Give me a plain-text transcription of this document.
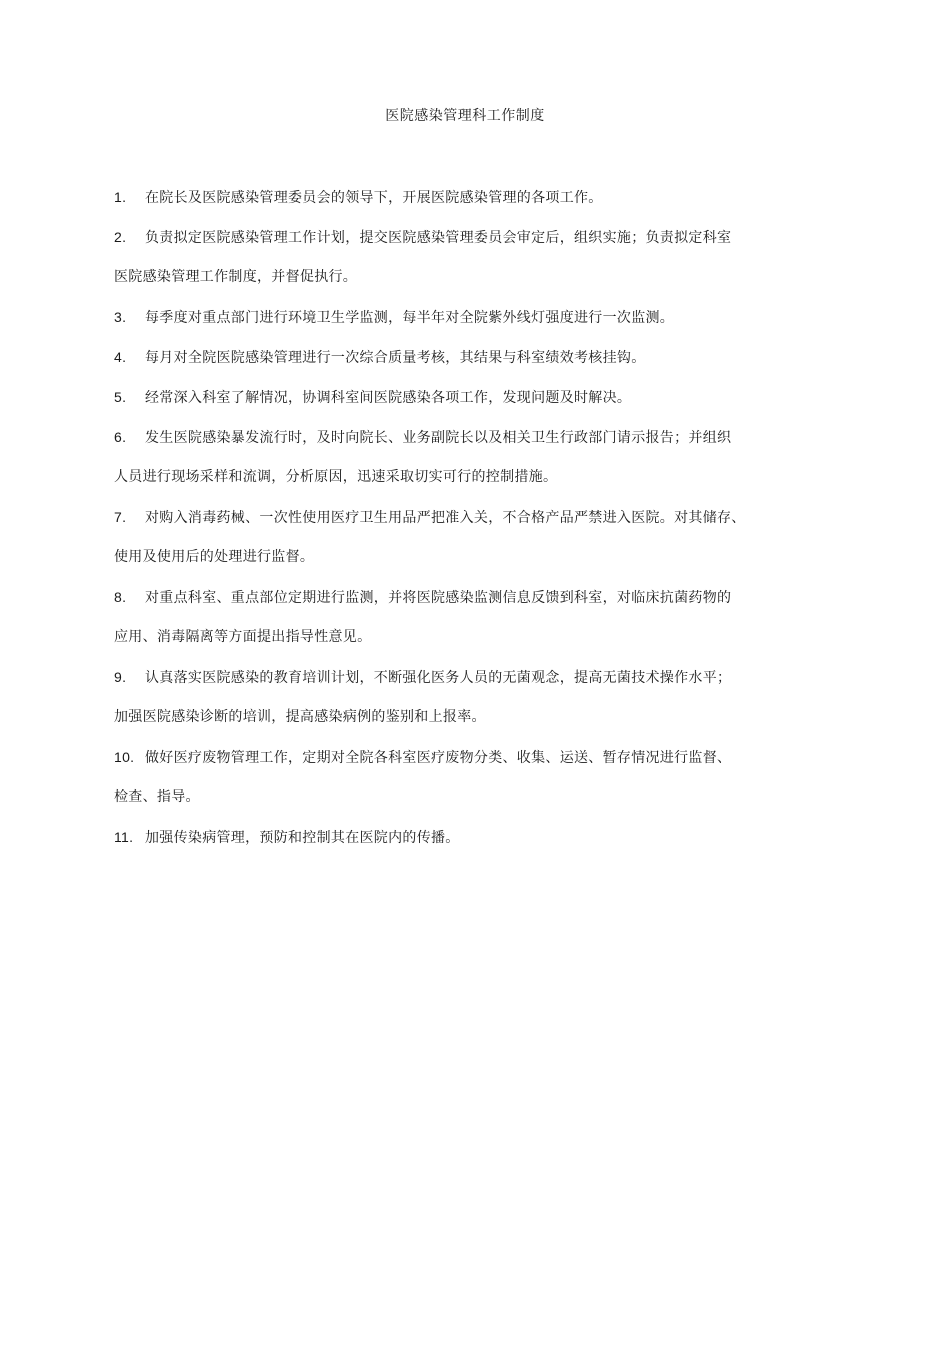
医院感染管理科工作制度
1. 在院长及医院感染管理委员会的领导下，开展医院感染管理的各项工作。
2. 负责拟定医院感染管理工作计划，提交医院感染管理委员会审定后，组织实施；负责拟定科室
医院感染管理工作制度，并督促执行。
3. 每季度对重点部门进行环境卫生学监测，每半年对全院紫外线灯强度进行一次监测。
4. 每月对全院医院感染管理进行一次综合质量考核，其结果与科室绩效考核挂钩。
5. 经常深入科室了解情况，协调科室间医院感染各项工作，发现问题及时解决。
6. 发生医院感染暴发流行时，及时向院长、业务副院长以及相关卫生行政部门请示报告；并组织
人员进行现场采样和流调，分析原因，迅速采取切实可行的控制措施。
7. 对购入消毒药械、一次性使用医疗卫生用品严把准入关，不合格产品严禁进入医院。对其储存、
使用及使用后的处理进行监督。
8. 对重点科室、重点部位定期进行监测，并将医院感染监测信息反馈到科室，对临床抗菌药物的
应用、消毒隔离等方面提出指导性意见。
9. 认真落实医院感染的教育培训计划，不断强化医务人员的无菌观念，提高无菌技术操作水平；
加强医院感染诊断的培训，提高感染病例的鉴别和上报率。
10. 做好医疗废物管理工作，定期对全院各科室医疗废物分类、收集、运送、暂存情况进行监督、
检查、指导。
11. 加强传染病管理，预防和控制其在医院内的传播。
